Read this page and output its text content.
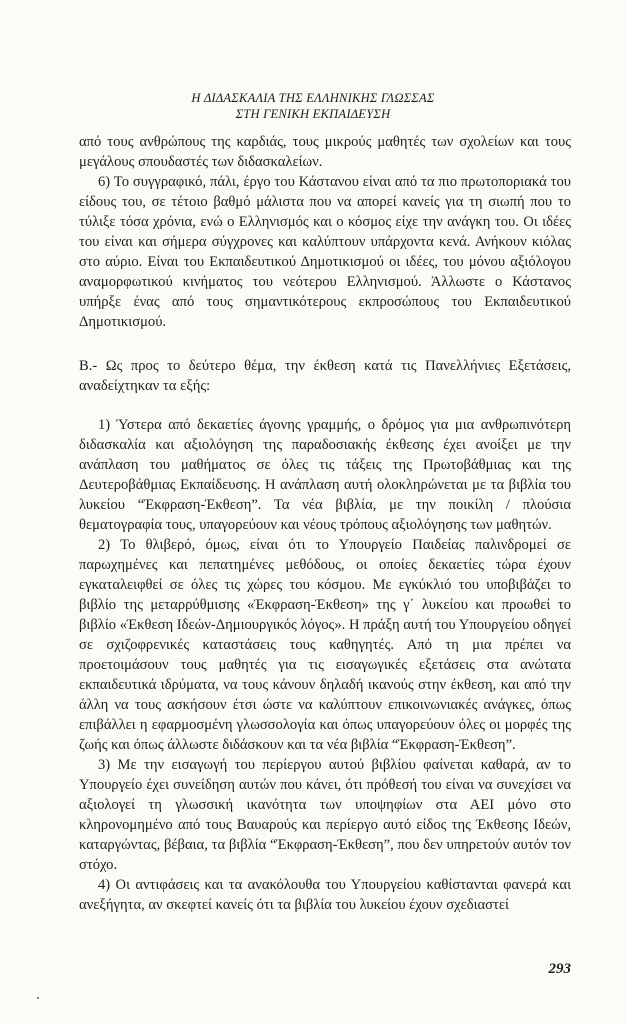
Η ΔΙΔΑΣΚΑΛΙΑ ΤΗΣ ΕΛΛΗΝΙΚΗΣ ΓΛΩΣΣΑΣ
ΣΤΗ ΓΕΝΙΚΗ ΕΚΠΑΙΔΕΥΣΗ

από τους ανθρώπους της καρδιάς, τους μικρούς μαθητές των σχολείων και τους μεγάλους σπουδαστές των διδασκαλείων.

6) Το συγγραφικό, πάλι, έργο του Κάστανου είναι από τα πιο πρωτοποριακά του είδους του, σε τέτοιο βαθμό μάλιστα που να απορεί κανείς για τη σιωπή που το τύλιξε τόσα χρόνια, ενώ ο Ελληνισμός και ο κόσμος είχε την ανάγκη του. Οι ιδέες του είναι και σήμερα σύγχρονες και καλύπτουν υπάρχοντα κενά. Ανήκουν κιόλας στο αύριο. Είναι του Εκπαιδευτικού Δημοτικισμού οι ιδέες, του μόνου αξιόλογου αναμορφωτικού κινήματος του νεότερου Ελληνισμού. Άλλωστε ο Κάστανος υπήρξε ένας από τους σημαντικότερους εκπροσώπους του Εκπαιδευτικού Δημοτικισμού.

Β.- Ως προς το δεύτερο θέμα, την έκθεση κατά τις Πανελλήνιες Εξετάσεις, αναδείχτηκαν τα εξής:

1) Ύστερα από δεκαετίες άγονης γραμμής, ο δρόμος για μια ανθρωπινότερη διδασκαλία και αξιολόγηση της παραδοσιακής έκθεσης έχει ανοίξει με την ανάπλαση του μαθήματος σε όλες τις τάξεις της Πρωτοβάθμιας και της Δευτεροβάθμιας Εκπαίδευσης. Η ανάπλαση αυτή ολοκληρώνεται με τα βιβλία του λυκείου “Έκφραση-Έκθεση”. Τα νέα βιβλία, με την ποικίλη / πλούσια θεματογραφία τους, υπαγορεύουν και νέους τρόπους αξιολόγησης των μαθητών.

2) Το θλιβερό, όμως, είναι ότι το Υπουργείο Παιδείας παλινδρομεί σε παρωχημένες και πεπατημένες μεθόδους, οι οποίες δεκαετίες τώρα έχουν εγκαταλειφθεί σε όλες τις χώρες του κόσμου. Με εγκύκλιό του υποβιβάζει το βιβλίο της μεταρρύθμισης «Έκφραση-Έκθεση» της γ΄ λυκείου και προωθεί το βιβλίο «Έκθεση Ιδεών-Δημιουργικός λόγος». Η πράξη αυτή του Υπουργείου οδηγεί σε σχιζοφρενικές καταστάσεις τους καθηγητές. Από τη μια πρέπει να προετοιμάσουν τους μαθητές για τις εισαγωγικές εξετάσεις στα ανώτατα εκπαιδευτικά ιδρύματα, να τους κάνουν δηλαδή ικανούς στην έκθεση, και από την άλλη να τους ασκήσουν έτσι ώστε να καλύπτουν επικοινωνιακές ανάγκες, όπως επιβάλλει η εφαρμοσμένη γλωσσολογία και όπως υπαγορεύουν όλες οι μορφές της ζωής και όπως άλλωστε διδάσκουν και τα νέα βιβλία “Έκφραση-Έκθεση”.

3) Με την εισαγωγή του περίεργου αυτού βιβλίου φαίνεται καθαρά, αν το Υπουργείο έχει συνείδηση αυτών που κάνει, ότι πρόθεσή του είναι να συνεχίσει να αξιολογεί τη γλωσσική ικανότητα των υποψηφίων στα ΑΕΙ μόνο στο κληρονομημένο από τους Βαυαρούς και περίεργο αυτό είδος της Έκθεσης Ιδεών, καταργώντας, βέβαια, τα βιβλία “Έκφραση-Έκθεση”, που δεν υπηρετούν αυτόν τον στόχο.

4) Οι αντιφάσεις και τα ανακόλουθα του Υπουργείου καθίστανται φανερά και ανεξήγητα, αν σκεφτεί κανείς ότι τα βιβλία του λυκείου έχουν σχεδιαστεί

293
